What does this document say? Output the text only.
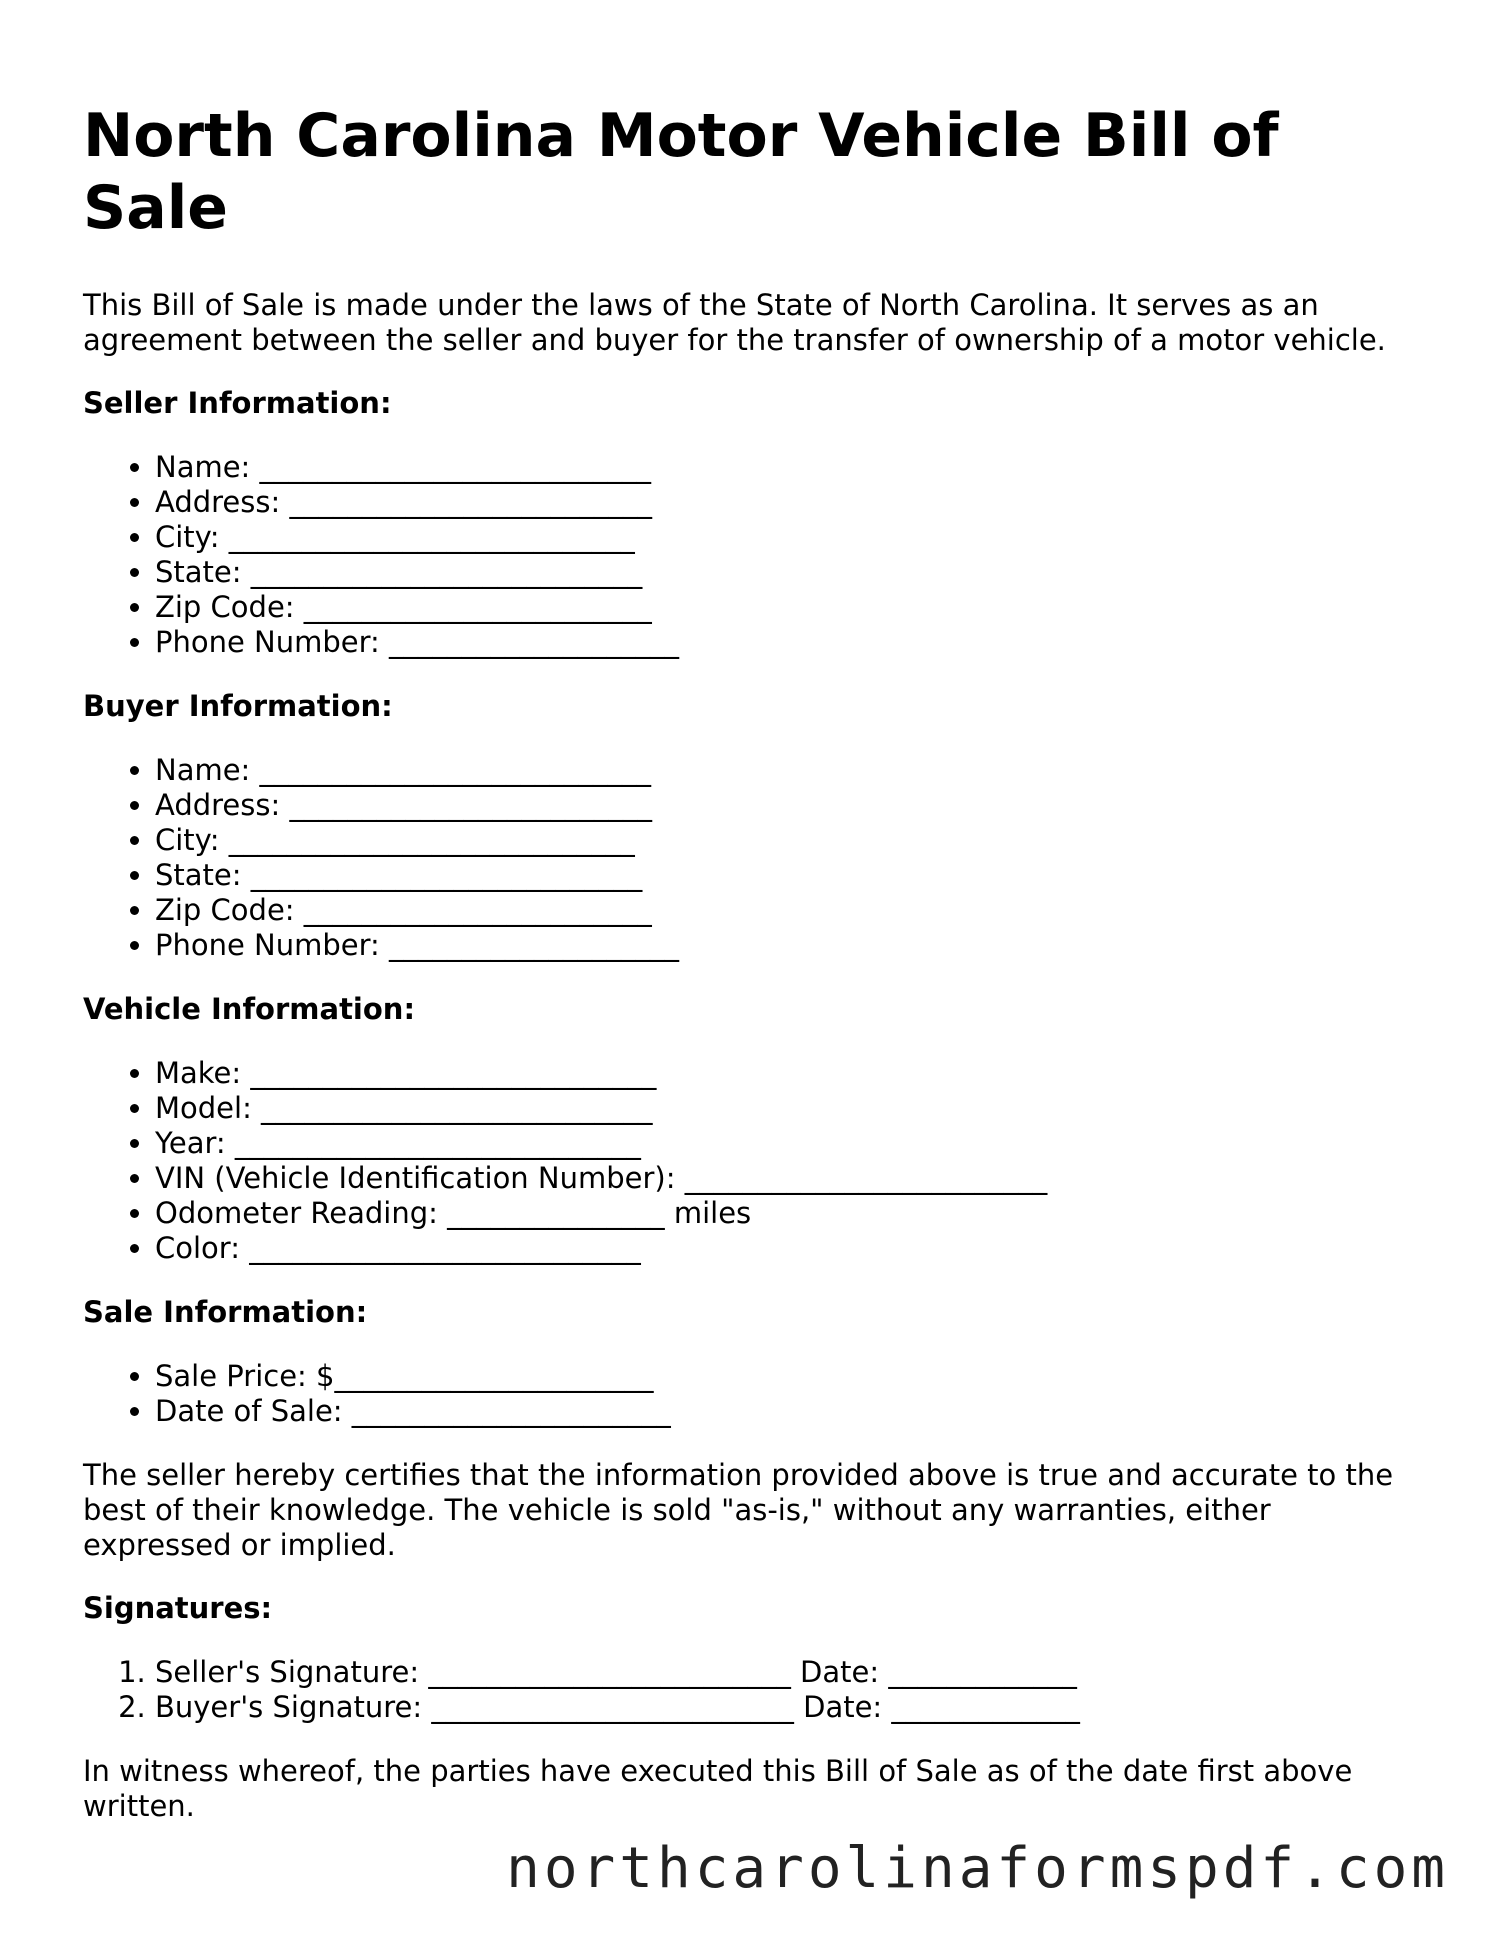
North Carolina Motor Vehicle Bill of Sale

This Bill of Sale is made under the laws of the State of North Carolina. It serves as an agreement between the seller and buyer for the transfer of ownership of a motor vehicle.

Seller Information:
• Name: ___________________________
• Address: _________________________
• City: ____________________________
• State: ___________________________
• Zip Code: ________________________
• Phone Number: ____________________
Buyer Information:
• Name: ___________________________
• Address: _________________________
• City: ____________________________
• State: ___________________________
• Zip Code: ________________________
• Phone Number: ____________________
Vehicle Information:
• Make: ____________________________
• Model: ___________________________
• Year: ____________________________
• VIN (Vehicle Identification Number): _________________________
• Odometer Reading: _______________ miles
• Color: ___________________________
Sale Information:
• Sale Price: $______________________
• Date of Sale: ______________________

The seller hereby certifies that the information provided above is true and accurate to the best of their knowledge. The vehicle is sold "as-is," without any warranties, either expressed or implied.

Signatures:
1. Seller's Signature: _________________________ Date: _____________
2. Buyer's Signature: _________________________ Date: _____________

In witness whereof, the parties have executed this Bill of Sale as of the date first above written.

northcarolinaformspdf.com
